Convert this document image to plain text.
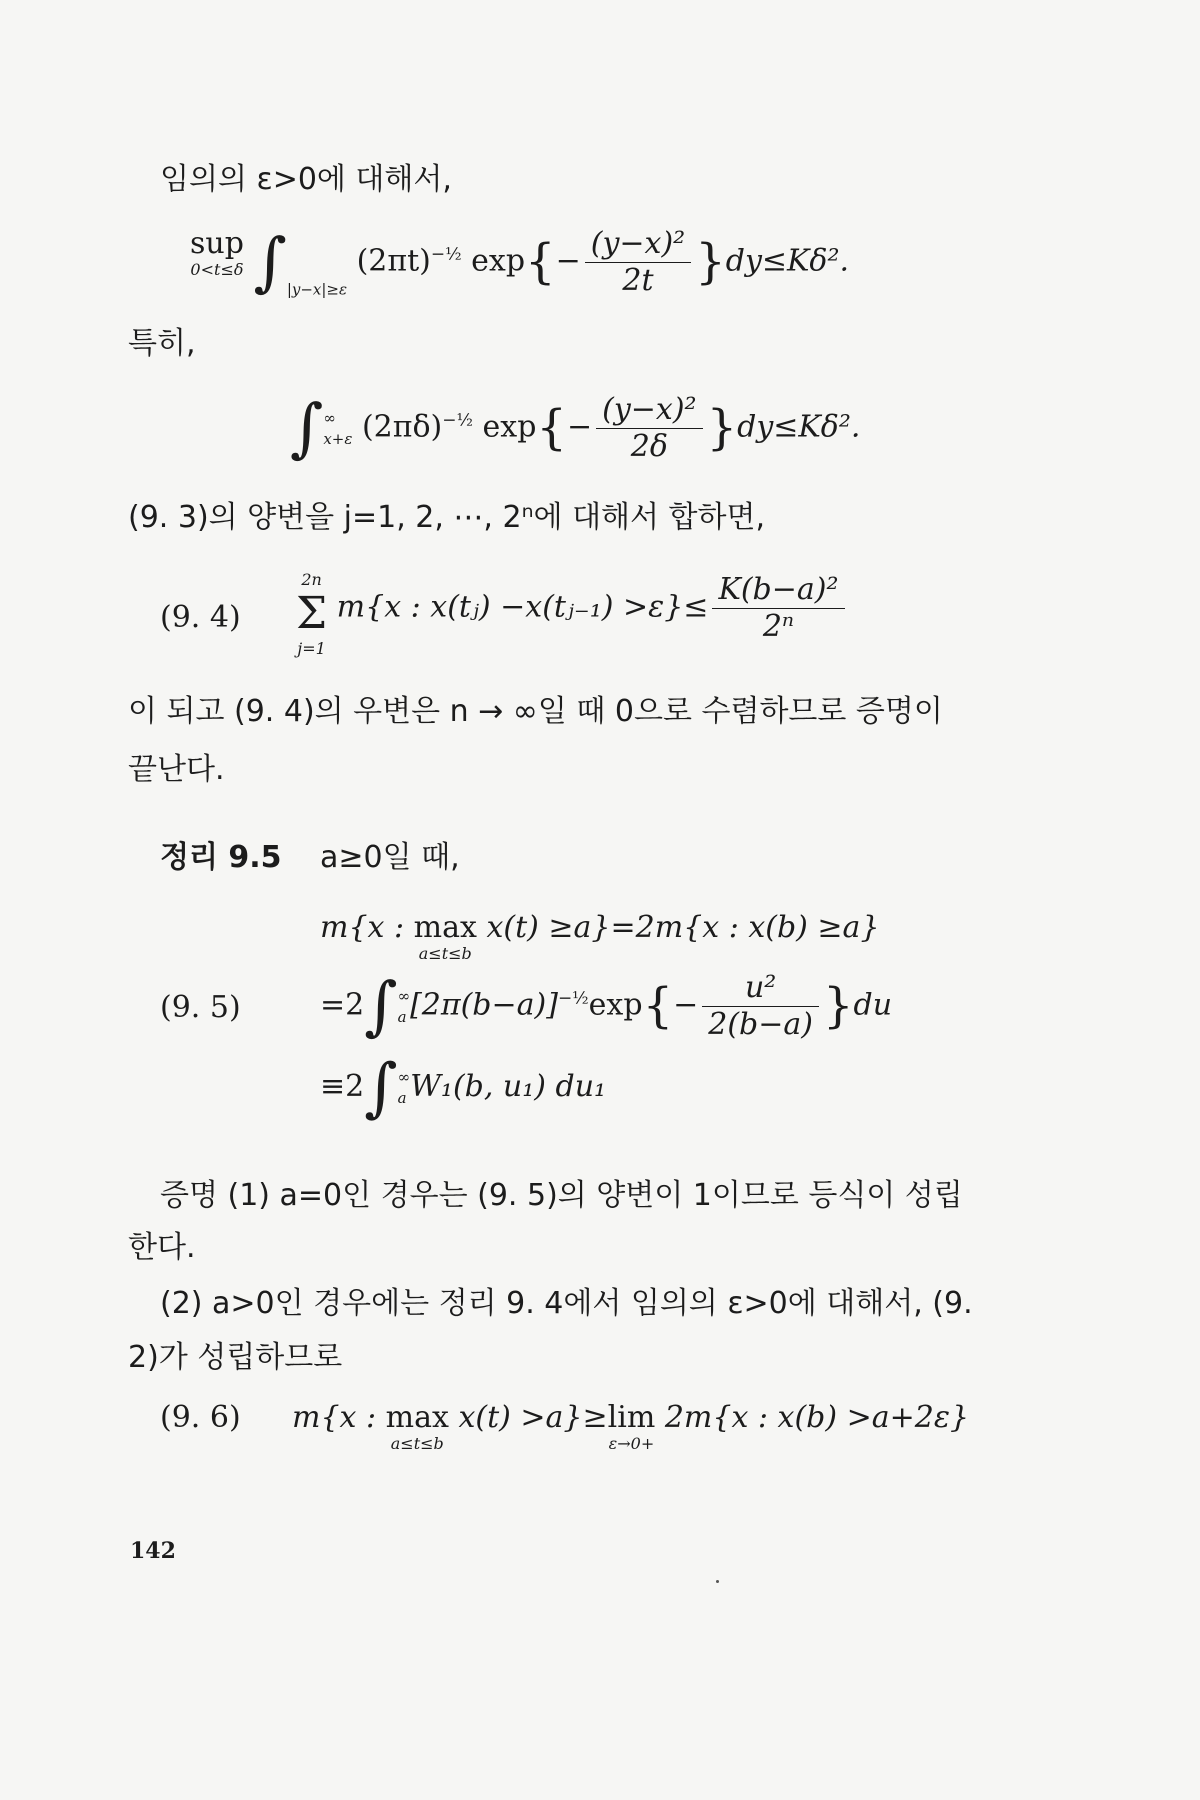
임의의 ε>0에 대해서,
sup
0<t≤δ $\int_{|y-x|\ge\varepsilon}$ $(2\pi t)^{-\frac{1}{2}}$ $\exp\{- \frac{\text{(y−x)²}}{2t} \}dy\le K\delta^2$.
특히,
∫ ∞
x+ε $(2\pi\delta)^{-\frac{1}{2}}$ $\exp\{- \frac{\text{(y−x)²}}{2\delta} \}dy\le K\delta^2$.
(9. 3)의 양변을 j=1, 2, ⋯, 2ⁿ에 대해서 합하면,
(9. 4)
2n
Σ
j=1
m{x : x(tⱼ) −x(tⱼ₋₁) $>\varepsilon\}\le \frac{\text{K(b−a)²}}{\text{2ⁿ}}$
이 되고 (9. 4)의 우변은 n → ∞일 때 0으로 수렴하므로 증명이
끝난다.
정리 9.5 a≥0일 때,
m{x : max
a≤t≤b
x(t) ≥a}=2m{x : x(b) ≥a}
(9. 5)	=2∫ ∞
a $[2\pi(b-a)]^{-\frac{1}{2}}\exp\{- \frac{\text{u²}}{2(b-a)} \}du$
≡2∫ ∞
a W₁(b, u₁) du₁
증명 (1) a=0인 경우는 (9. 5)의 양변이 1이므로 등식이 성립
한다.
(2) a>0인 경우에는 정리 9. 4에서 임의의 ε>0에 대해서, (9.
2)가 성립하므로
(9. 6) m{x : max
a≤t≤b
x(t) >a}≥lim
ε→0+
2m{x : x(b) >a+2ε}
142
